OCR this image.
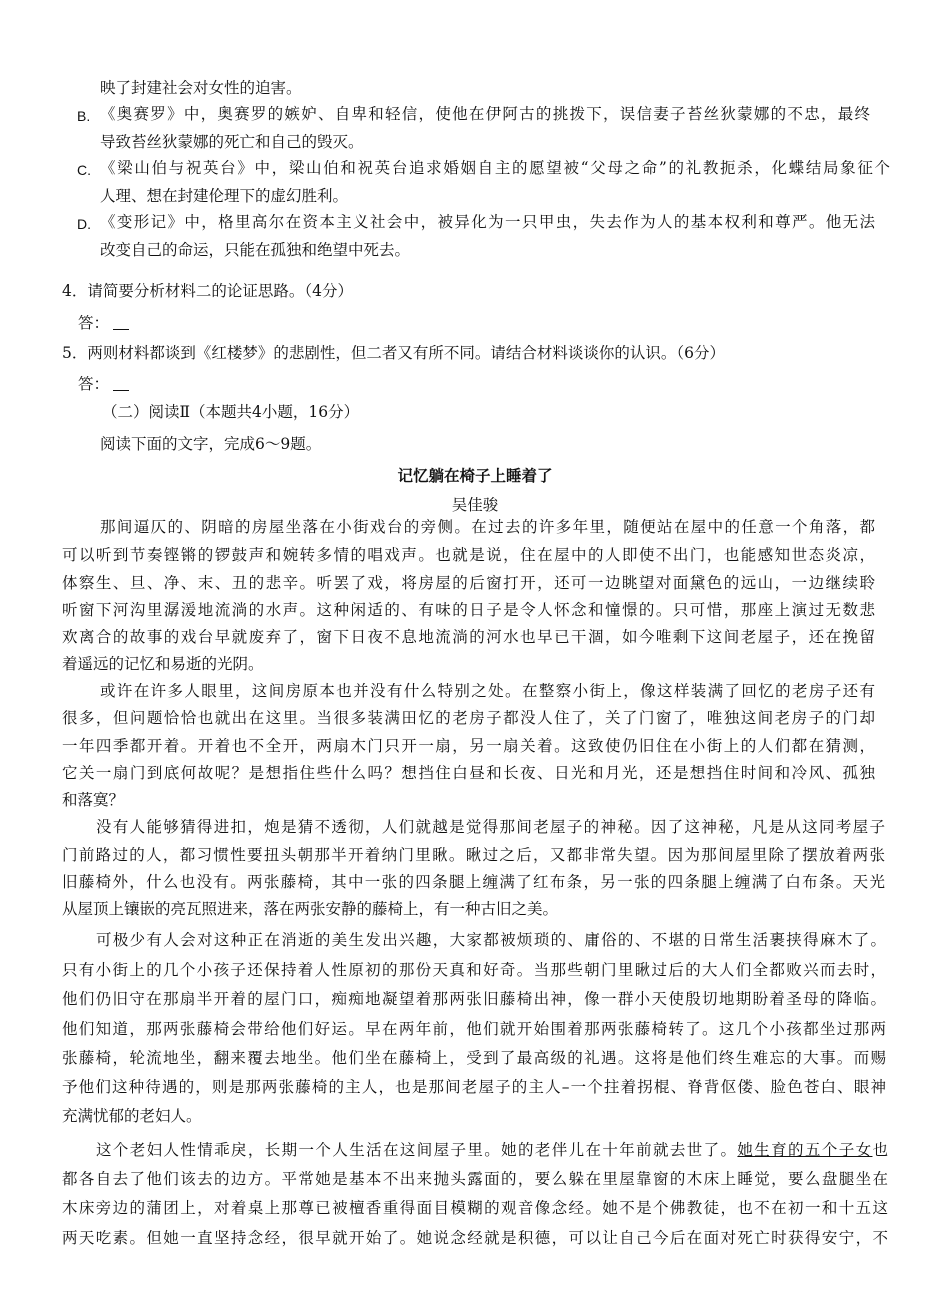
映了封建社会对女性的迫害。
B. 《奥赛罗》中，奥赛罗的嫉妒、自卑和轻信，使他在伊阿古的挑拨下，误信妻子苔丝狄蒙娜的不忠，最终
导致苔丝狄蒙娜的死亡和自己的毁灭。
C. 《梁山伯与祝英台》中，梁山伯和祝英台追求婚姻自主的愿望被“父母之命”的礼教扼杀，化蝶结局象征个
人理、想在封建伦理下的虚幻胜利。
D. 《变形记》中，格里高尔在资本主义社会中，被异化为一只甲虫，失去作为人的基本权利和尊严。他无法
改变自己的命运，只能在孤独和绝望中死去。
4．请简要分析材料二的论证思路。（4分）
答：
5．两则材料都谈到《红楼梦》的悲剧性，但二者又有所不同。请结合材料谈谈你的认识。（6分）
答：
（二）阅读Ⅱ（本题共4小题，16分）
阅读下面的文字，完成6～9题。
记忆躺在椅子上睡着了
吴佳骏
那间逼仄的、阴暗的房屋坐落在小街戏台的旁侧。在过去的许多年里，随便站在屋中的任意一个角落，都
可以听到节奏铿锵的锣鼓声和婉转多情的唱戏声。也就是说，住在屋中的人即使不出门，也能感知世态炎凉，
体察生、旦、净、末、丑的悲辛。听罢了戏，将房屋的后窗打开，还可一边眺望对面黛色的远山，一边继续聆
听窗下河沟里潺湲地流淌的水声。这种闲适的、有味的日子是令人怀念和憧憬的。只可惜，那座上演过无数悲
欢离合的故事的戏台早就废弃了，窗下日夜不息地流淌的河水也早已干涸，如今唯剩下这间老屋子，还在挽留
着遥远的记忆和易逝的光阴。
或许在许多人眼里，这间房原本也并没有什么特别之处。在整察小街上，像这样装满了回忆的老房子还有
很多，但问题恰恰也就出在这里。当很多装满田忆的老房子都没人住了，关了门窗了，唯独这间老房子的门却
一年四季都开着。开着也不全开，两扇木门只开一扇，另一扇关着。这致使仍旧住在小街上的人们都在猜测，
它关一扇门到底何故呢？是想指住些什么吗？想挡住白昼和长夜、日光和月光，还是想挡住时间和冷风、孤独
和落寞？
没有人能够猜得进扣，炮是猜不透彻，人们就越是觉得那间老屋子的神秘。因了这神秘，凡是从这同考屋子
门前路过的人，都习惯性要扭头朝那半开着纳门里瞅。瞅过之后，又都非常失望。因为那间屋里除了摆放着两张
旧藤椅外，什么也没有。两张藤椅，其中一张的四条腿上缠满了红布条，另一张的四条腿上缠满了白布条。天光
从屋顶上镶嵌的亮瓦照进来，落在两张安静的藤椅上，有一种古旧之美。
可极少有人会对这种正在消逝的美生发出兴趣，大家都被烦琐的、庸俗的、不堪的日常生活裹挟得麻木了。
只有小街上的几个小孩子还保持着人性原初的那份天真和好奇。当那些朝门里瞅过后的大人们全都败兴而去时，
他们仍旧守在那扇半开着的屋门口，痴痴地凝望着那两张旧藤椅出神，像一群小天使殷切地期盼着圣母的降临。
他们知道，那两张藤椅会带给他们好运。早在两年前，他们就开始围着那两张藤椅转了。这几个小孩都坐过那两
张藤椅，轮流地坐，翻来覆去地坐。他们坐在藤椅上，受到了最高级的礼遇。这将是他们终生难忘的大事。而赐
予他们这种待遇的，则是那两张藤椅的主人，也是那间老屋子的主人–一个拄着拐棍、脊背伛偻、脸色苍白、眼神
充满忧郁的老妇人。
这个老妇人性情乖戾，长期一个人生活在这间屋子里。她的老伴儿在十年前就去世了。她生育的五个子女也
都各自去了他们该去的边方。平常她是基本不出来抛头露面的，要么躲在里屋靠窗的木床上睡觉，要么盘腿坐在
木床旁边的蒲团上，对着桌上那尊已被檀香重得面目模糊的观音像念经。她不是个佛教徒，也不在初一和十五这
两天吃素。但她一直坚持念经，很早就开始了。她说念经就是积德，可以让自己今后在面对死亡时获得安宁，不
